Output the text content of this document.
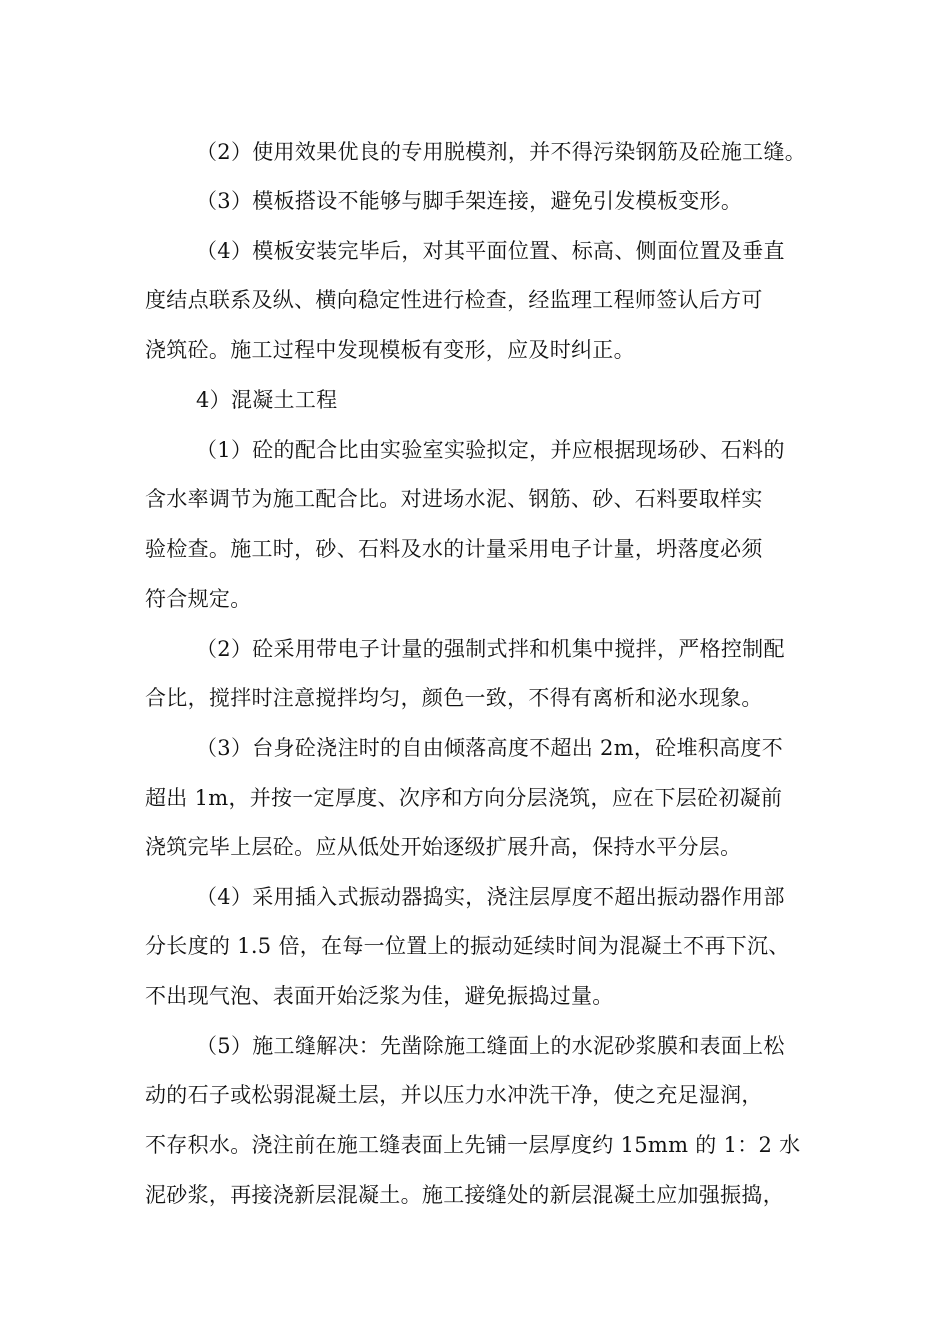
（2）使用效果优良的专用脱模剂，并不得污染钢筋及砼施工缝。
（3）模板搭设不能够与脚手架连接，避免引发模板变形。
（4）模板安装完毕后，对其平面位置、标高、侧面位置及垂直
度结点联系及纵、横向稳定性进行检查，经监理工程师签认后方可
浇筑砼。施工过程中发现模板有变形，应及时纠正。
4）混凝土工程
（1）砼的配合比由实验室实验拟定，并应根据现场砂、石料的
含水率调节为施工配合比。对进场水泥、钢筋、砂、石料要取样实
验检查。施工时，砂、石料及水的计量采用电子计量，坍落度必须
符合规定。
（2）砼采用带电子计量的强制式拌和机集中搅拌，严格控制配
合比，搅拌时注意搅拌均匀，颜色一致，不得有离析和泌水现象。
（3）台身砼浇注时的自由倾落高度不超出 2m，砼堆积高度不
超出 1m，并按一定厚度、次序和方向分层浇筑，应在下层砼初凝前
浇筑完毕上层砼。应从低处开始逐级扩展升高，保持水平分层。
（4）采用插入式振动器捣实，浇注层厚度不超出振动器作用部
分长度的 1.5 倍，在每一位置上的振动延续时间为混凝土不再下沉、
不出现气泡、表面开始泛浆为佳，避免振捣过量。
（5）施工缝解决：先凿除施工缝面上的水泥砂浆膜和表面上松
动的石子或松弱混凝土层，并以压力水冲洗干净，使之充足湿润，
不存积水。浇注前在施工缝表面上先铺一层厚度约 15mm 的 1：2 水
泥砂浆，再接浇新层混凝土。施工接缝处的新层混凝土应加强振捣，
